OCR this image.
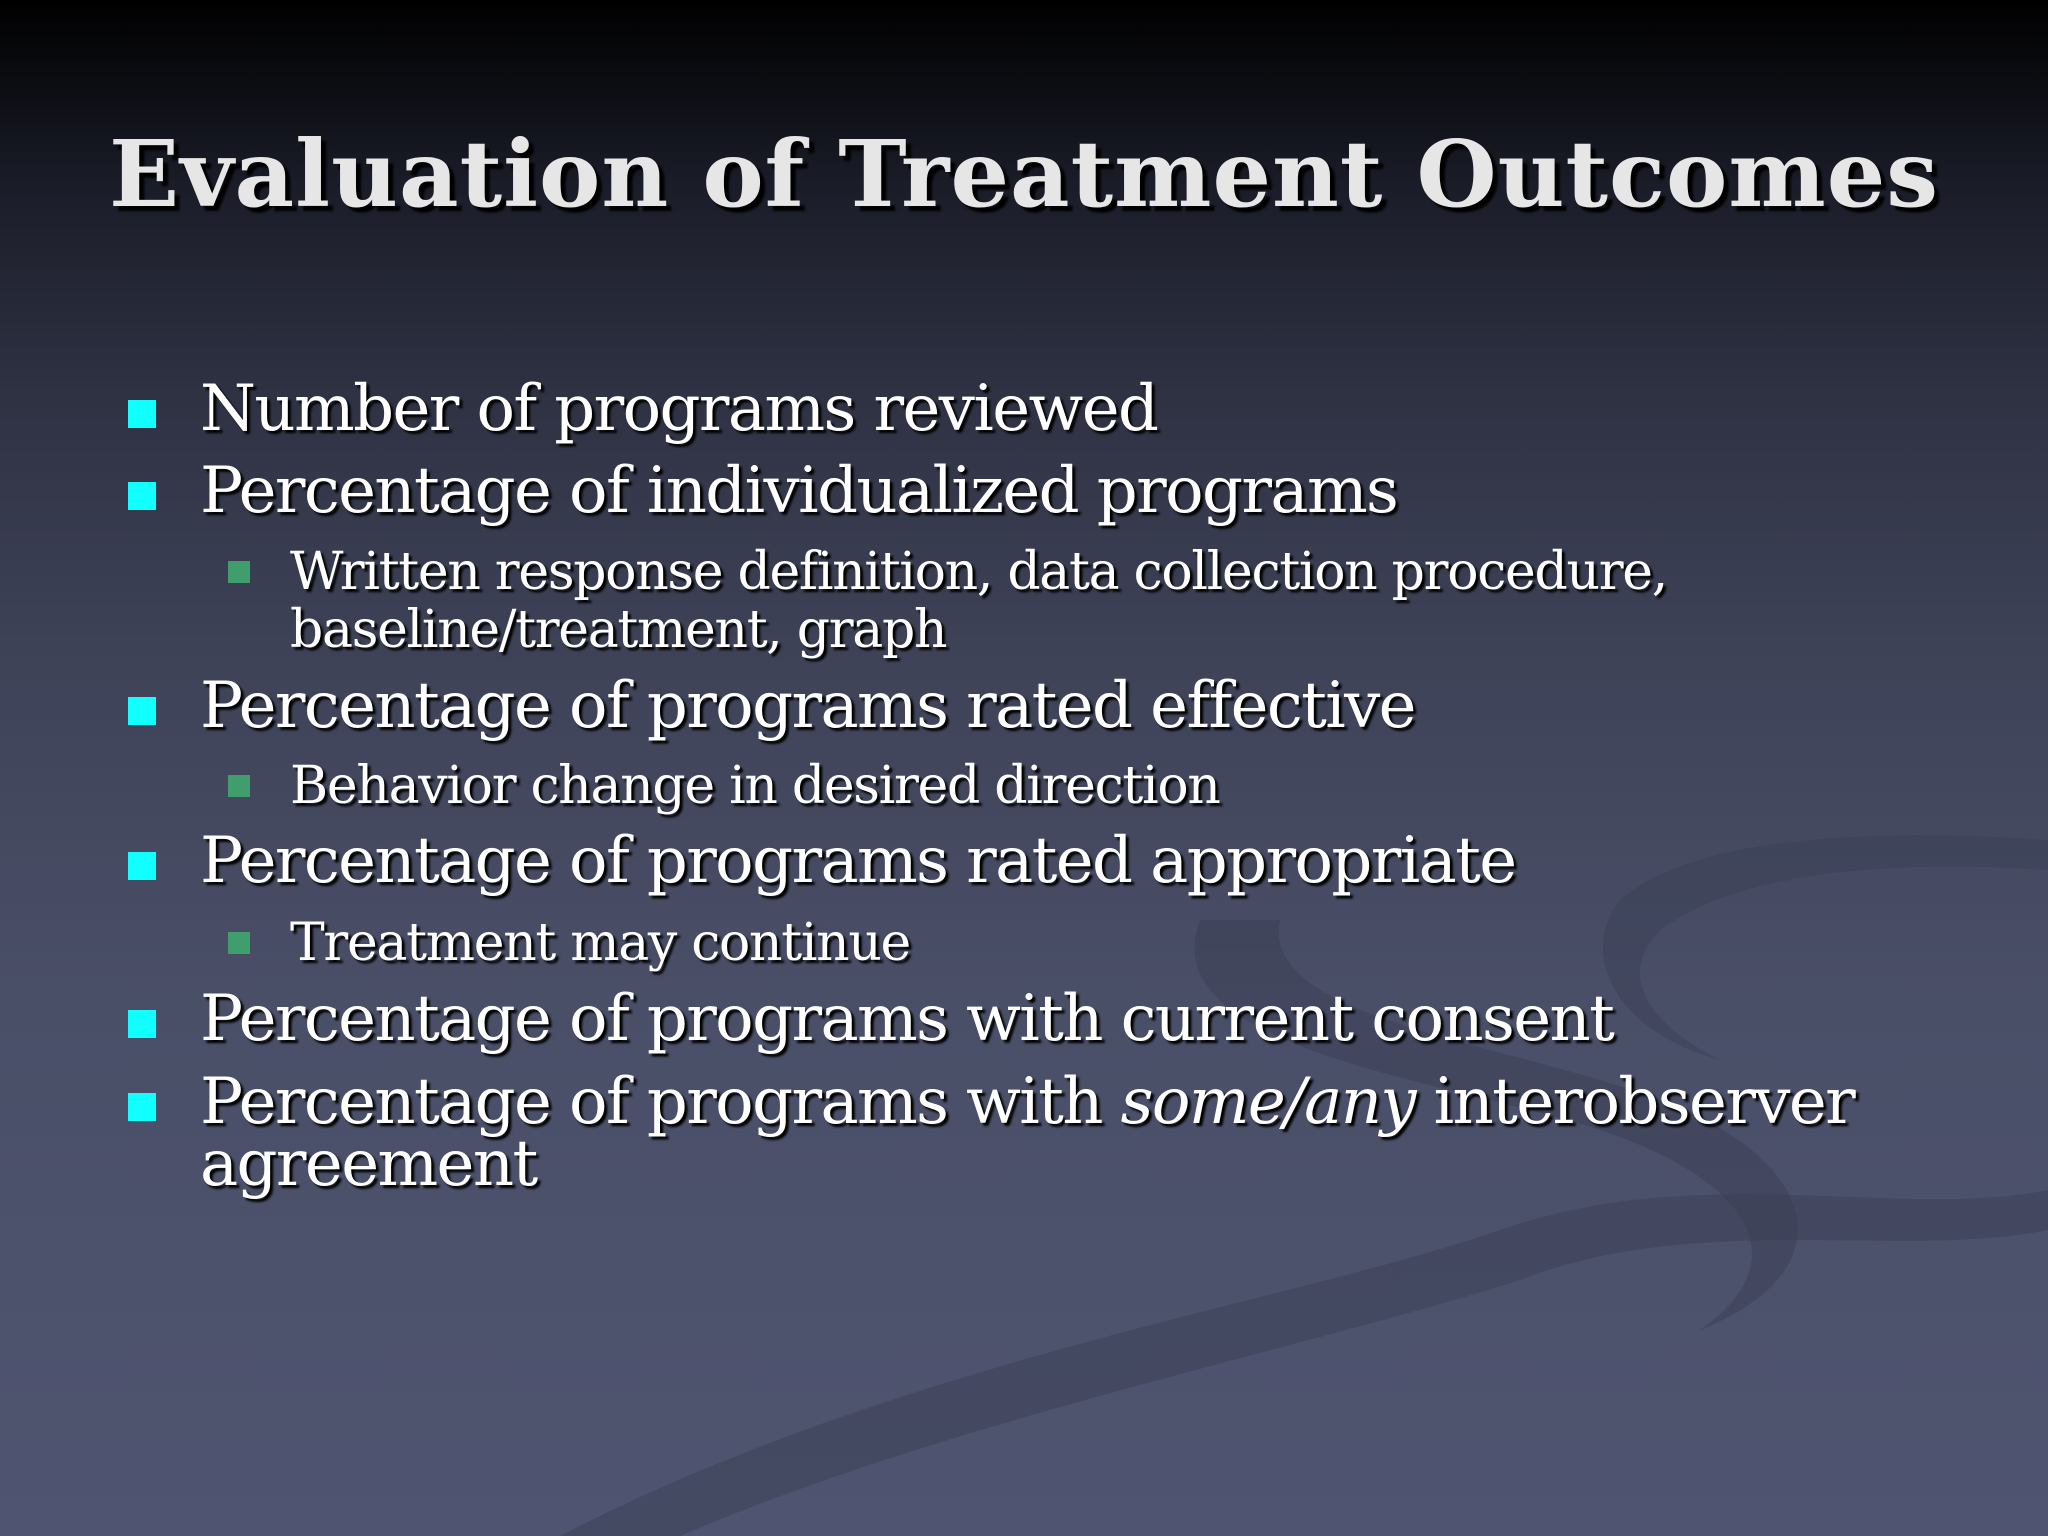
Evaluation of Treatment Outcomes
Number of programs reviewed
Percentage of individualized programs
Written response definition, data collection procedure,
baseline/treatment, graph
Percentage of programs rated effective
Behavior change in desired direction
Percentage of programs rated appropriate
Treatment may continue
Percentage of programs with current consent
Percentage of programs with some/any interobserver
agreement
